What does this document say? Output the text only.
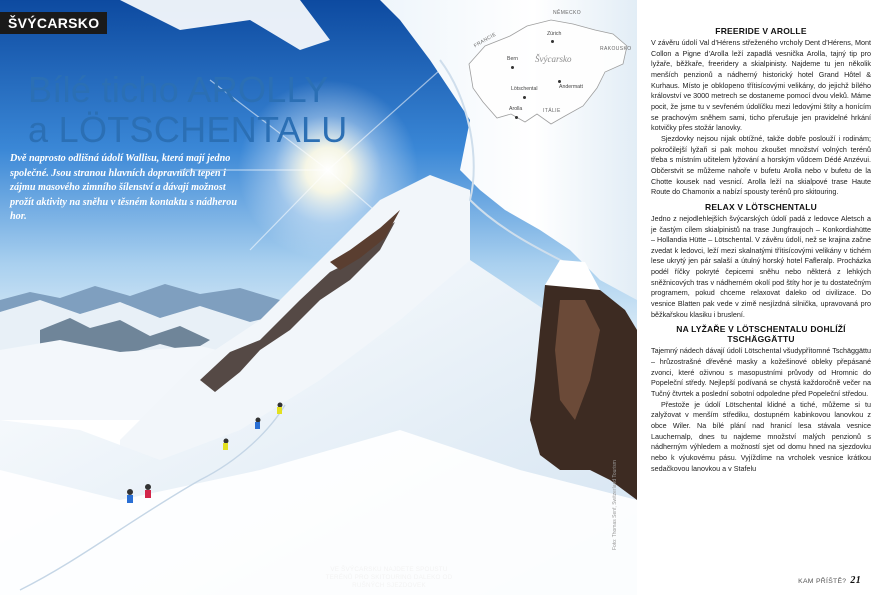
ŠVÝCARSKO
Bílé ticho AROLLY
a LÖTSCHENTALU
Dvě naprosto odlišná údolí Wallisu, která mají jedno společné. Jsou stranou hlavních dopravních tepen i zájmu masového zimního šílenství a dávají možnost prožít aktivity na sněhu v těsném kontaktu s nádherou hor.
VE ŠVÝCARSKU NAJDETE SPOUSTU TERÉNŮ PRO SKITOURING DALEKO OD RUŠNÝCH SJEZDOVEK
Foto: Thomas Senf, Switzerland Tourism
NĚMECKO
FRANCIE	RAKOUSKO
ITÁLIE
Švýcarsko
Zürich
Bern
Lötschental	Andermatt
Arolla
FREERIDE V AROLLE

V závěru údolí Val d’Hérens střeženého vrcholy Dent d’Hérens, Mont Collon a Pigne d’Arolla leží zapadlá vesnička Arolla, tajný tip pro lyžaře, běžkaře, freeridery a skialpinisty. Najdeme tu jen několik menších penzionů a nádherný historický hotel Grand Hôtel & Kurhaus. Místo je obklopeno třítisícovými velikány, do jejichž bílého království ve 3000 metrech se dostaneme pomocí dvou vleků. Máme pocit, že jsme tu v sevřeném údolíčku mezi ledovými štíty a honícím se prachovým sněhem sami, ticho přerušuje jen pravidelné hrkání kotvičky přes stožár lanovky.

Sjezdovky nejsou nijak obtížné, takže dobře poslouží i rodinám; pokročilejší lyžaři si pak mohou zkoušet množství volných terénů třeba s místním učitelem lyžování a horským vůdcem Dédé Anzévui. Občerstvit se můžeme nahoře v bufetu Arolla nebo v bufetu de la Chotte kousek nad vesnicí. Arolla leží na skialpové trase Haute Route do Chamonix a nabízí spousty terénů pro skitouring.

RELAX V LÖTSCHENTALU

Jedno z nejodlehlejších švýcarských údolí padá z ledovce Aletsch a je častým cílem skialpinistů na trase Jungfraujoch – Konkordiahütte – Hollandia Hütte – Lötschental. V závěru údolí, než se krajina začne zvedat k ledovci, leží mezi skalnatými třítisícovými velikány v tichém lese ukrytý jen pár salaší a útulný horský hotel Fafleralp. Procházka podél říčky pokryté čepicemi sněhu nebo některá z lehkých sněžnicových tras v nádherném okolí pod štíty hor je tu dostatečným programem, pokud chceme relaxovat daleko od civilizace. Do vesnice Blatten pak vede v zimě nesjízdná silnička, upravovaná pro běžkařskou klasiku i bruslení.

NA LYŽAŘE V LÖTSCHENTALU DOHLÍŽÍ TSCHÄGGÄTTU

Tajemný nádech dávají údolí Lötschental všudypřítomné Tschäggättu – hrůzostrašné dřevěné masky a kožešinové obleky přepásané zvonci, které oživnou s masopustními průvody od Hromnic do Popeleční středy. Nejlepší podívaná se chystá každoročně večer na Tučný čtvrtek a poslední sobotní odpoledne před Popeleční středou.

Přestože je údolí Lötschental klidné a tiché, můžeme si tu zalyžovat v menším střediku, dostupném kabinkovou lanovkou z obce Wiler. Na bílé plání nad hranicí lesa stávala vesnice Lauchernalp, dnes tu najdeme množství malých penzionů s nádherným výhledem a možností sjet od domu hned na sjezdovku nebo k výukovému pásu. Vyjíždíme na vrcholek vesnice krátkou sedačkovou lanovkou a v Stafelu

KAM PŘÍŠTĚ? 21
